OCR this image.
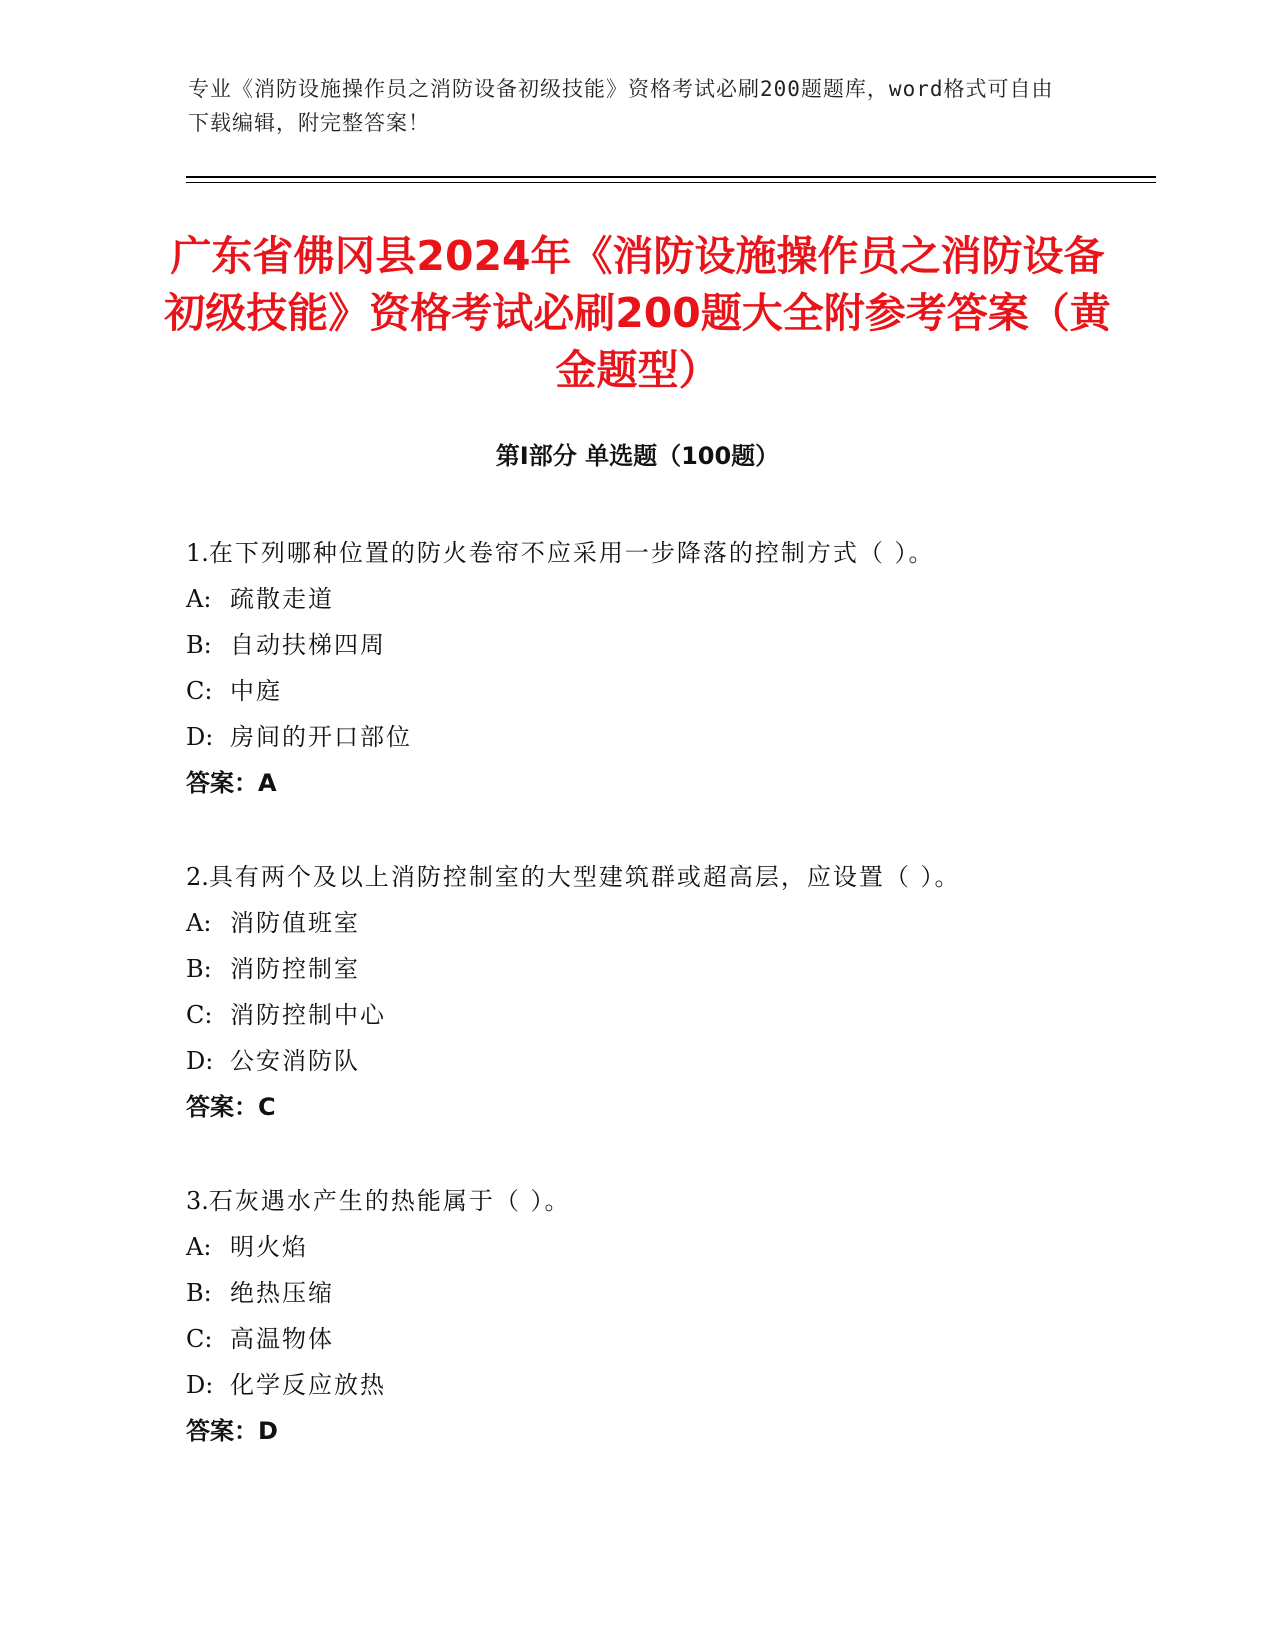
专业《消防设施操作员之消防设备初级技能》资格考试必刷200题题库，word格式可自由下载编辑，附完整答案！
广东省佛冈县2024年《消防设施操作员之消防设备初级技能》资格考试必刷200题大全附参考答案（黄金题型）
第I部分 单选题（100题）
1.在下列哪种位置的防火卷帘不应采用一步降落的控制方式（ ）。
A: 疏散走道
B: 自动扶梯四周
C: 中庭
D: 房间的开口部位
答案：A
2.具有两个及以上消防控制室的大型建筑群或超高层，应设置（ ）。
A: 消防值班室
B: 消防控制室
C: 消防控制中心
D: 公安消防队
答案：C
3.石灰遇水产生的热能属于（ ）。
A: 明火焰
B: 绝热压缩
C: 高温物体
D: 化学反应放热
答案：D
